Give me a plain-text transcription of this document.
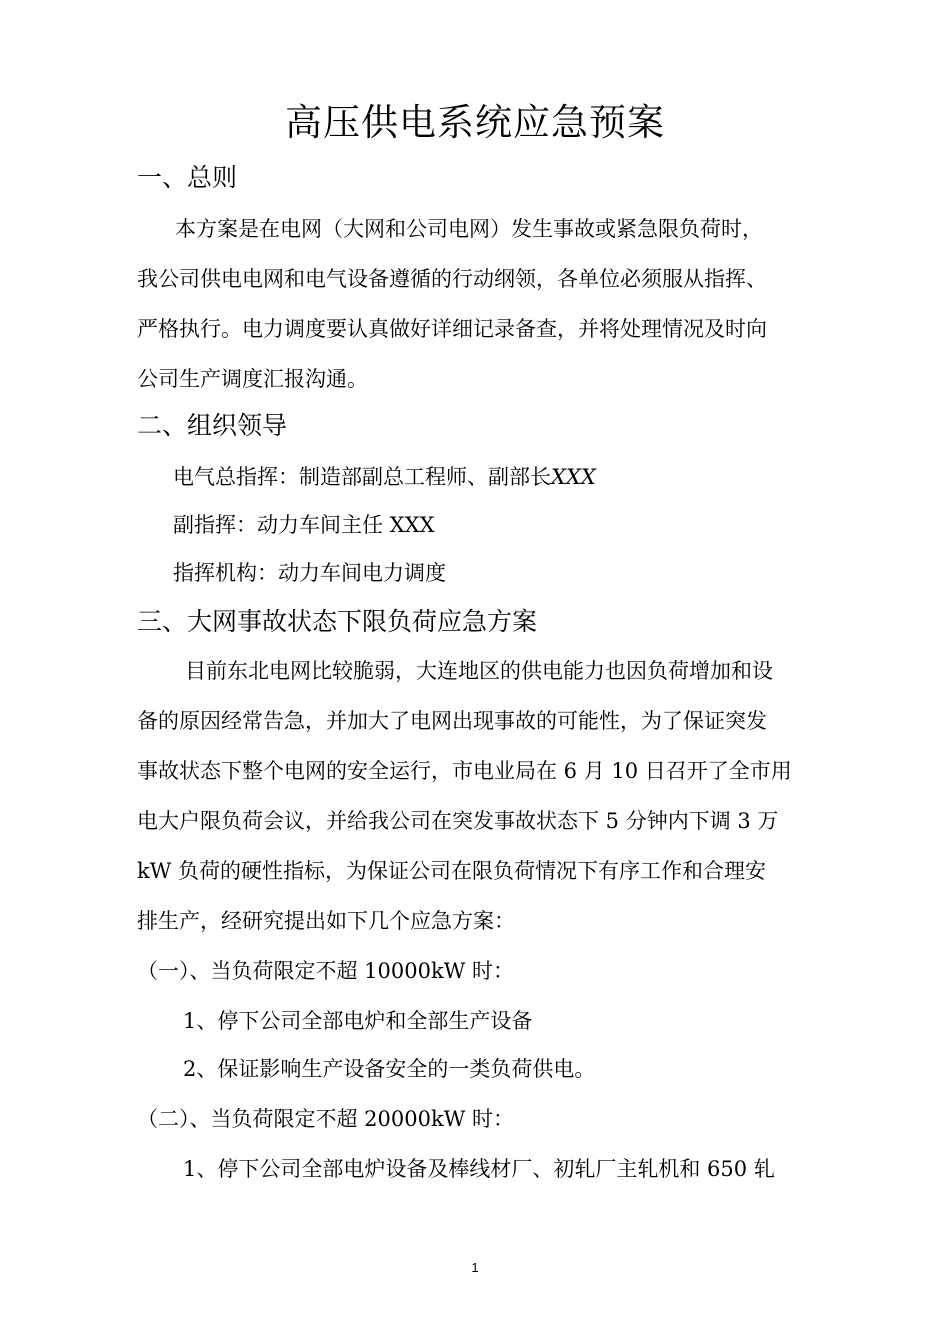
高压供电系统应急预案
一、总则
本方案是在电网（大网和公司电网）发生事故或紧急限负荷时，
我公司供电电网和电气设备遵循的行动纲领，各单位必须服从指挥、
严格执行。电力调度要认真做好详细记录备查，并将处理情况及时向
公司生产调度汇报沟通。
二、组织领导
电气总指挥：制造部副总工程师、副部长XXX
副指挥：动力车间主任 XXX
指挥机构：动力车间电力调度
三、大网事故状态下限负荷应急方案
目前东北电网比较脆弱，大连地区的供电能力也因负荷增加和设
备的原因经常告急，并加大了电网出现事故的可能性，为了保证突发
事故状态下整个电网的安全运行，市电业局在 6 月 10 日召开了全市用
电大户限负荷会议，并给我公司在突发事故状态下 5 分钟内下调 3 万
kW 负荷的硬性指标，为保证公司在限负荷情况下有序工作和合理安
排生产，经研究提出如下几个应急方案：
（一）、当负荷限定不超 10000kW 时：
1、停下公司全部电炉和全部生产设备
2、保证影响生产设备安全的一类负荷供电。
（二）、当负荷限定不超 20000kW 时：
1、停下公司全部电炉设备及棒线材厂、初轧厂主轧机和 650 轧
1
